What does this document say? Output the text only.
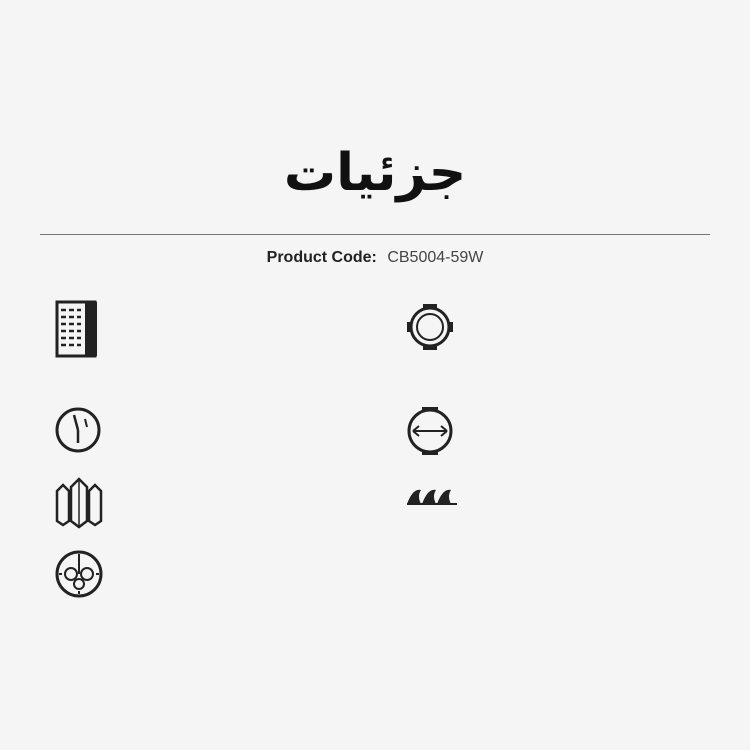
جزئیات
Product Code: CB5004-59W
